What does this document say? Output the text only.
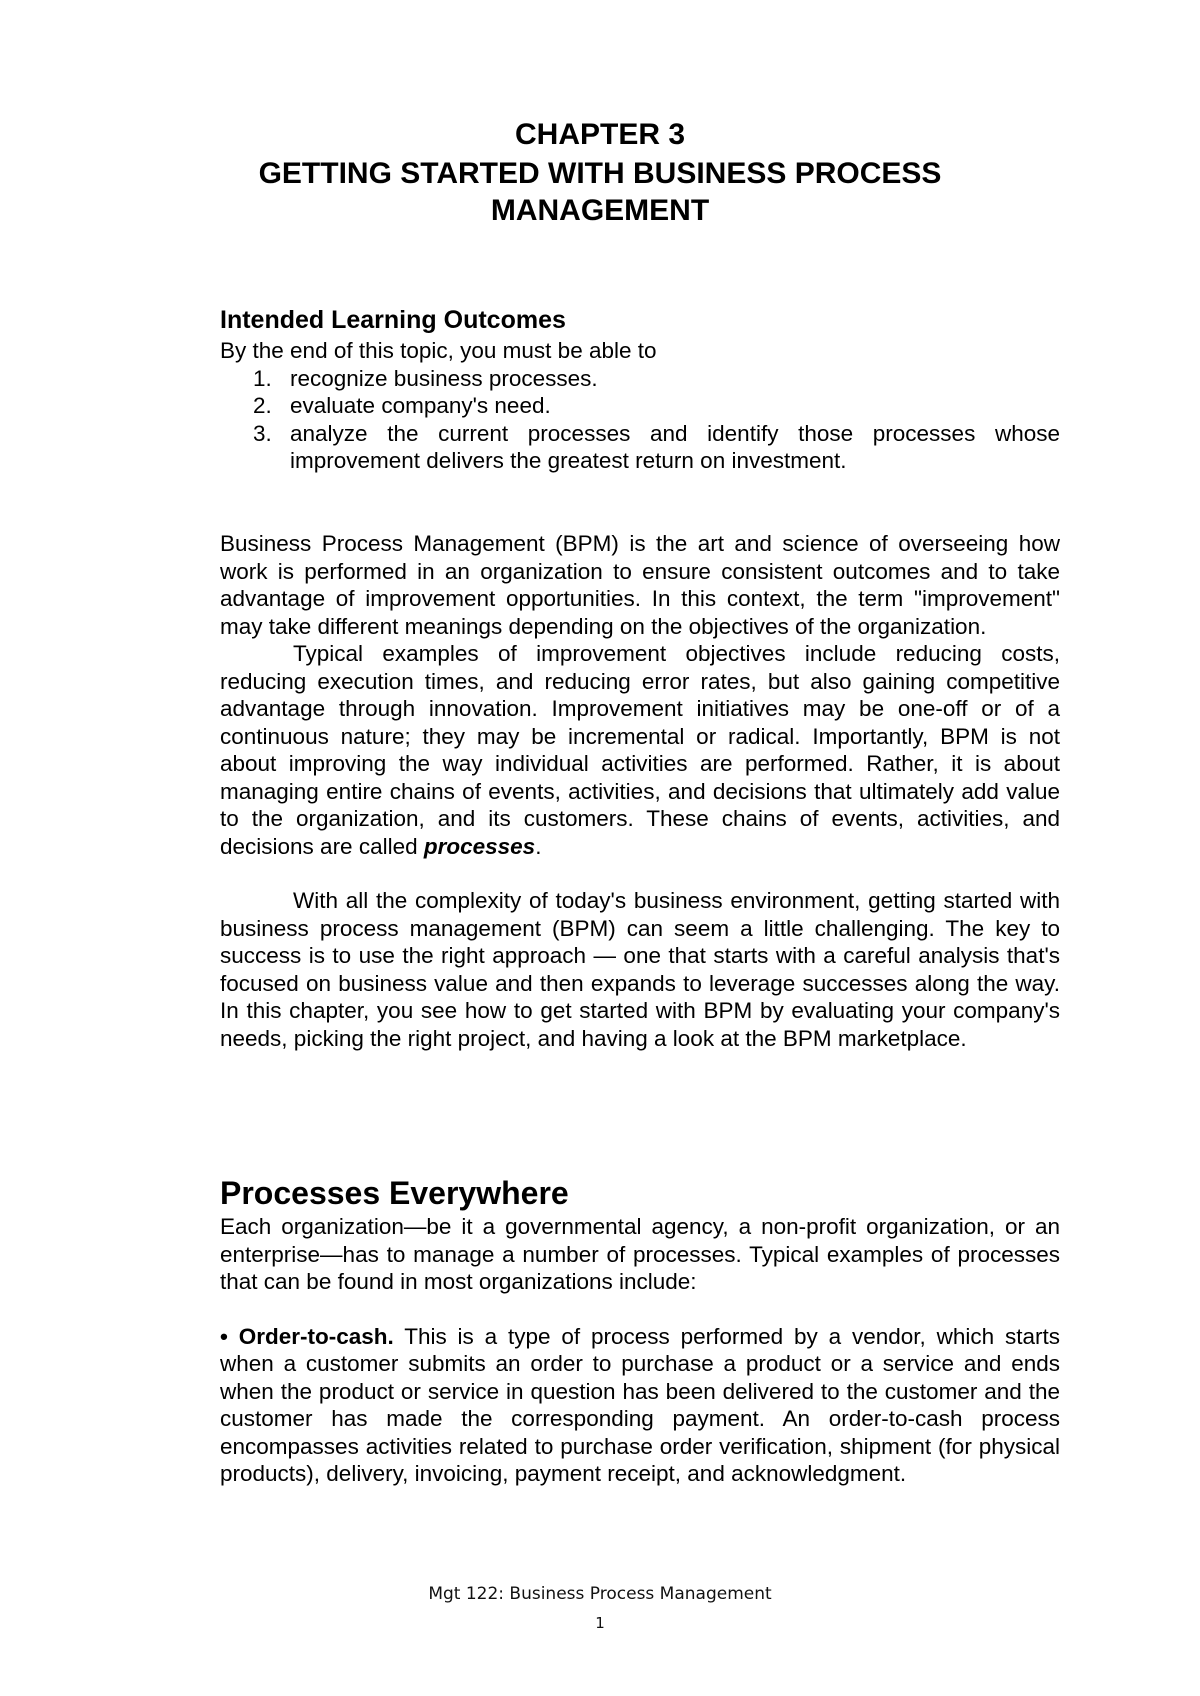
CHAPTER 3
GETTING STARTED WITH BUSINESS PROCESS
MANAGEMENT
Intended Learning Outcomes

By the end of this topic, you must be able to

1. recognize business processes.
2. evaluate company's need.
3. analyze the current processes and identify those processes whose improvement delivers the greatest return on investment.

Business Process Management (BPM) is the art and science of overseeing how work is performed in an organization to ensure consistent outcomes and to take advantage of improvement opportunities. In this context, the term "improvement" may take different meanings depending on the objectives of the organization.

Typical examples of improvement objectives include reducing costs, reducing execution times, and reducing error rates, but also gaining competitive advantage through innovation. Improvement initiatives may be one-off or of a continuous nature; they may be incremental or radical. Importantly, BPM is not about improving the way individual activities are performed. Rather, it is about managing entire chains of events, activities, and decisions that ultimately add value to the organization, and its customers. These chains of events, activities, and decisions are called processes.

With all the complexity of today's business environment, getting started with business process management (BPM) can seem a little challenging. The key to success is to use the right approach — one that starts with a careful analysis that's focused on business value and then expands to leverage successes along the way. In this chapter, you see how to get started with BPM by evaluating your company's needs, picking the right project, and having a look at the BPM marketplace.

Processes Everywhere

Each organization—be it a governmental agency, a non-profit organization, or an enterprise—has to manage a number of processes. Typical examples of processes that can be found in most organizations include:

• Order-to-cash. This is a type of process performed by a vendor, which starts when a customer submits an order to purchase a product or a service and ends when the product or service in question has been delivered to the customer and the customer has made the corresponding payment. An order-to-cash process encompasses activities related to purchase order verification, shipment (for physical products), delivery, invoicing, payment receipt, and acknowledgment.

Mgt 122: Business Process Management
1
